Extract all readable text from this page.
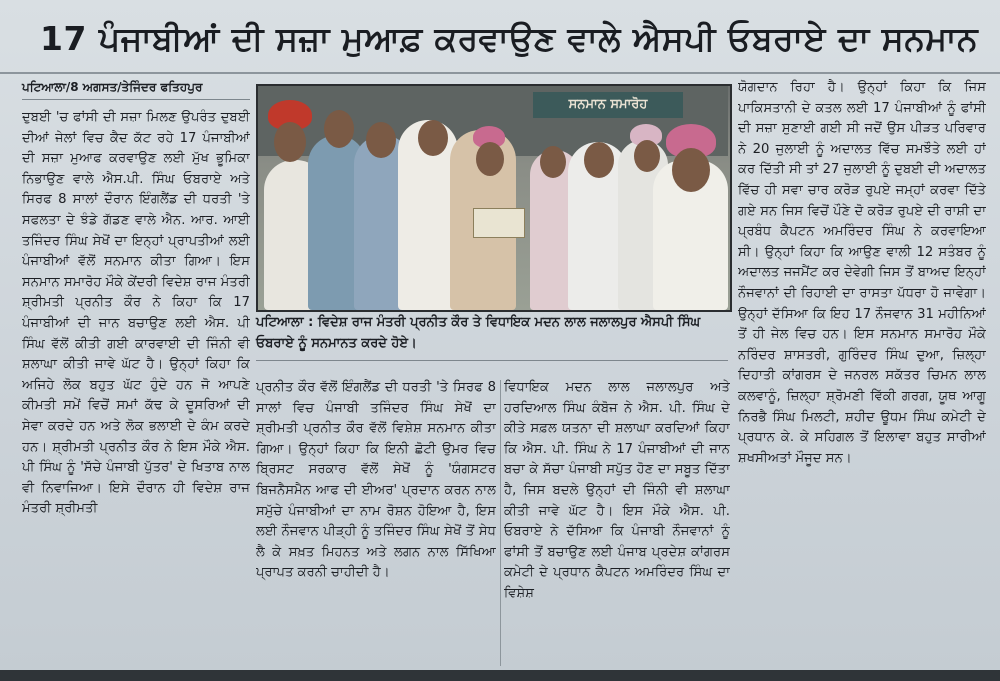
17 ਪੰਜਾਬੀਆਂ ਦੀ ਸਜ਼ਾ ਮੁਆਫ਼ ਕਰਵਾਉਣ ਵਾਲੇ ਐਸਪੀ ਓਬਰਾਏ ਦਾ ਸਨਮਾਨ
ਪਟਿਆਲਾ/8 ਅਗਸਤ/ਤੇਜਿੰਦਰ ਫਤਿਹਪੁਰ
ਦੁਬਈ 'ਚ ਫਾਂਸੀ ਦੀ ਸਜ਼ਾ ਮਿਲਣ ਉਪਰੰਤ ਦੁਬਈ ਦੀਆਂ ਜੇਲਾਂ ਵਿਚ ਕੈਦ ਕੱਟ ਰਹੇ 17 ਪੰਜਾਬੀਆਂ ਦੀ ਸਜ਼ਾ ਮੁਆਫ ਕਰਵਾਉਣ ਲਈ ਮੁੱਖ ਭੂਮਿਕਾ ਨਿਭਾਉਣ ਵਾਲੇ ਐਸ.ਪੀ. ਸਿੰਘ ਓਬਰਾਏ ਅਤੇ ਸਿਰਫ 8 ਸਾਲਾਂ ਦੌਰਾਨ ਇੰਗਲੈਂਡ ਦੀ ਧਰਤੀ 'ਤੇ ਸਫਲਤਾ ਦੇ ਝੰਡੇ ਗੱਡਣ ਵਾਲੇ ਐਨ. ਆਰ. ਆਈ ਤਜਿੰਦਰ ਸਿੰਘ ਸੇਖੋਂ ਦਾ ਇਨ੍ਹਾਂ ਪ੍ਰਾਪਤੀਆਂ ਲਈ ਪੰਜਾਬੀਆਂ ਵੱਲੋਂ ਸਨਮਾਨ ਕੀਤਾ ਗਿਆ। ਇਸ ਸਨਮਾਨ ਸਮਾਰੋਹ ਮੌਕੇ ਕੇਂਦਰੀ ਵਿਦੇਸ਼ ਰਾਜ ਮੰਤਰੀ ਸ਼੍ਰੀਮਤੀ ਪ੍ਰਨੀਤ ਕੌਰ ਨੇ ਕਿਹਾ ਕਿ 17 ਪੰਜਾਬੀਆਂ ਦੀ ਜਾਨ ਬਚਾਉਣ ਲਈ ਐਸ. ਪੀ ਸਿੰਘ ਵੱਲੋਂ ਕੀਤੀ ਗਈ ਕਾਰਵਾਈ ਦੀ ਜਿੰਨੀ ਵੀ ਸ਼ਲਾਘਾ ਕੀਤੀ ਜਾਵੇ ਘੱਟ ਹੈ। ਉਨ੍ਹਾਂ ਕਿਹਾ ਕਿ ਅਜਿਹੇ ਲੋਕ ਬਹੁਤ ਘੱਟ ਹੁੰਦੇ ਹਨ ਜੋ ਆਪਣੇ ਕੀਮਤੀ ਸਮੇਂ ਵਿਚੋਂ ਸਮਾਂ ਕੱਢ ਕੇ ਦੂਸਰਿਆਂ ਦੀ ਸੇਵਾ ਕਰਦੇ ਹਨ ਅਤੇ ਲੋਕ ਭਲਾਈ ਦੇ ਕੰਮ ਕਰਦੇ ਹਨ। ਸ਼੍ਰੀਮਤੀ ਪ੍ਰਨੀਤ ਕੌਰ ਨੇ ਇਸ ਮੌਕੇ ਐਸ. ਪੀ ਸਿੰਘ ਨੂੰ 'ਸੱਚੇ ਪੰਜਾਬੀ ਪੁੱਤਰ' ਦੇ ਖਿਤਾਬ ਨਾਲ ਵੀ ਨਿਵਾਜਿਆ। ਇਸੇ ਦੌਰਾਨ ਹੀ ਵਿਦੇਸ਼ ਰਾਜ ਮੰਤਰੀ ਸ਼੍ਰੀਮਤੀ
ਸਨਮਾਨ ਸਮਾਰੋਹ
ਪਟਿਆਲਾ : ਵਿਦੇਸ਼ ਰਾਜ ਮੰਤਰੀ ਪ੍ਰਨੀਤ ਕੌਰ ਤੇ ਵਿਧਾਇਕ ਮਦਨ ਲਾਲ ਜਲਾਲਪੁਰ ਐਸਪੀ ਸਿੰਘ ਓਬਰਾਏ ਨੂੰ ਸਨਮਾਨਤ ਕਰਦੇ ਹੋਏ।
ਪ੍ਰਨੀਤ ਕੌਰ ਵੱਲੋਂ ਇੰਗਲੈਂਡ ਦੀ ਧਰਤੀ 'ਤੇ ਸਿਰਫ 8 ਸਾਲਾਂ ਵਿਚ ਪੰਜਾਬੀ ਤਜਿੰਦਰ ਸਿੰਘ ਸੇਖੋਂ ਦਾ ਸ਼੍ਰੀਮਤੀ ਪ੍ਰਨੀਤ ਕੌਰ ਵੱਲੋਂ ਵਿਸ਼ੇਸ਼ ਸਨਮਾਨ ਕੀਤਾ ਗਿਆ। ਉਨ੍ਹਾਂ ਕਿਹਾ ਕਿ ਇਨੀ ਛੋਟੀ ਉਮਰ ਵਿਚ ਬ੍ਰਿਸਟ ਸਰਕਾਰ ਵੱਲੋਂ ਸੇਖੋਂ ਨੂੰ 'ਯੰਗਸਟਰ ਬਿਜਨੈਸਮੈਨ ਆਫ ਦੀ ਈਅਰ' ਪ੍ਰਦਾਨ ਕਰਨ ਨਾਲ ਸਮੁੱਚੇ ਪੰਜਾਬੀਆਂ ਦਾ ਨਾਮ ਰੋਸ਼ਨ ਹੋਇਆ ਹੈ, ਇਸ ਲਈ ਨੌਜਵਾਨ ਪੀੜ੍ਹੀ ਨੂੰ ਤਜਿੰਦਰ ਸਿੰਘ ਸੇਖੋਂ ਤੋਂ ਸੇਧ ਲੈ ਕੇ ਸਖ਼ਤ ਮਿਹਨਤ ਅਤੇ ਲਗਨ ਨਾਲ ਸਿੱਖਿਆ ਪ੍ਰਾਪਤ ਕਰਨੀ ਚਾਹੀਦੀ ਹੈ।
ਵਿਧਾਇਕ ਮਦਨ ਲਾਲ ਜਲਾਲਪੁਰ ਅਤੇ ਹਰਦਿਆਲ ਸਿੰਘ ਕੰਬੋਜ ਨੇ ਐਸ. ਪੀ. ਸਿੰਘ ਦੇ ਕੀਤੇ ਸਫ਼ਲ ਯਤਨਾ ਦੀ ਸ਼ਲਾਘਾ ਕਰਦਿਆਂ ਕਿਹਾ ਕਿ ਐਸ. ਪੀ. ਸਿੰਘ ਨੇ 17 ਪੰਜਾਬੀਆਂ ਦੀ ਜਾਨ ਬਚਾ ਕੇ ਸੱਚਾ ਪੰਜਾਬੀ ਸਪੁੱਤ ਹੋਣ ਦਾ ਸਬੂਤ ਦਿੱਤਾ ਹੈ, ਜਿਸ ਬਦਲੇ ਉਨ੍ਹਾਂ ਦੀ ਜਿੰਨੀ ਵੀ ਸ਼ਲਾਘਾ ਕੀਤੀ ਜਾਵੇ ਘੱਟ ਹੈ। ਇਸ ਮੌਕੇ ਐਸ. ਪੀ. ਓਬਰਾਏ ਨੇ ਦੱਸਿਆ ਕਿ ਪੰਜਾਬੀ ਨੌਜਵਾਨਾਂ ਨੂੰ ਫਾਂਸੀ ਤੋਂ ਬਚਾਉਣ ਲਈ ਪੰਜਾਬ ਪ੍ਰਦੇਸ਼ ਕਾਂਗਰਸ ਕਮੇਟੀ ਦੇ ਪ੍ਰਧਾਨ ਕੈਪਟਨ ਅਮਰਿੰਦਰ ਸਿੰਘ ਦਾ ਵਿਸ਼ੇਸ਼
ਯੋਗਦਾਨ ਰਿਹਾ ਹੈ। ਉਨ੍ਹਾਂ ਕਿਹਾ ਕਿ ਜਿਸ ਪਾਕਿਸਤਾਨੀ ਦੇ ਕਤਲ ਲਈ 17 ਪੰਜਾਬੀਆਂ ਨੂੰ ਫਾਂਸੀ ਦੀ ਸਜ਼ਾ ਸੁਣਾਈ ਗਈ ਸੀ ਜਦੋਂ ਉਸ ਪੀੜਤ ਪਰਿਵਾਰ ਨੇ 20 ਜੁਲਾਈ ਨੂੰ ਅਦਾਲਤ ਵਿੱਚ ਸਮਝੌਤੇ ਲਈ ਹਾਂ ਕਰ ਦਿੱਤੀ ਸੀ ਤਾਂ 27 ਜੁਲਾਈ ਨੂੰ ਦੁਬਈ ਦੀ ਅਦਾਲਤ ਵਿੱਚ ਹੀ ਸਵਾ ਚਾਰ ਕਰੋੜ ਰੁਪਏ ਜਮ੍ਹਾਂ ਕਰਵਾ ਦਿੱਤੇ ਗਏ ਸਨ ਜਿਸ ਵਿਚੋਂ ਪੌਣੇ ਦੋ ਕਰੋੜ ਰੁਪਏ ਦੀ ਰਾਸ਼ੀ ਦਾ ਪ੍ਰਬੰਧ ਕੈਪਟਨ ਅਮਰਿੰਦਰ ਸਿੰਘ ਨੇ ਕਰਵਾਇਆ ਸੀ। ਉਨ੍ਹਾਂ ਕਿਹਾ ਕਿ ਆਉਣ ਵਾਲੀ 12 ਸਤੰਬਰ ਨੂੰ ਅਦਾਲਤ ਜਜਮੈਂਟ ਕਰ ਦੇਵੇਗੀ ਜਿਸ ਤੋਂ ਬਾਅਦ ਇਨ੍ਹਾਂ ਨੌਜਵਾਨਾਂ ਦੀ ਰਿਹਾਈ ਦਾ ਰਾਸਤਾ ਪੱਧਰਾ ਹੋ ਜਾਵੇਗਾ। ਉਨ੍ਹਾਂ ਦੱਸਿਆ ਕਿ ਇਹ 17 ਨੌਜਵਾਨ 31 ਮਹੀਨਿਆਂ ਤੋਂ ਹੀ ਜੇਲ ਵਿਚ ਹਨ। ਇਸ ਸਨਮਾਨ ਸਮਾਰੋਹ ਮੌਕੇ ਨਰਿੰਦਰ ਸ਼ਾਸਤਰੀ, ਗੁਰਿੰਦਰ ਸਿੰਘ ਦੁਆ, ਜ਼ਿਲ੍ਹਾ ਦਿਹਾਤੀ ਕਾਂਗਰਸ ਦੇ ਜਨਰਲ ਸਕੱਤਰ ਚਿਮਨ ਲਾਲ ਕਲਵਾਨੂੰ, ਜ਼ਿਲ੍ਹਾ ਸ਼੍ਰੋਮਣੀ ਵਿੱਕੀ ਗਰਗ, ਯੂਥ ਆਗੂ ਨਿਰਭੈ ਸਿੰਘ ਮਿਲਟੀ, ਸ਼ਹੀਦ ਊਧਮ ਸਿੰਘ ਕਮੇਟੀ ਦੇ ਪ੍ਰਧਾਨ ਕੇ. ਕੇ ਸਹਿਗਲ ਤੋਂ ਇਲਾਵਾ ਬਹੁਤ ਸਾਰੀਆਂ ਸ਼ਖਸੀਅਤਾਂ ਮੌਜੂਦ ਸਨ।
